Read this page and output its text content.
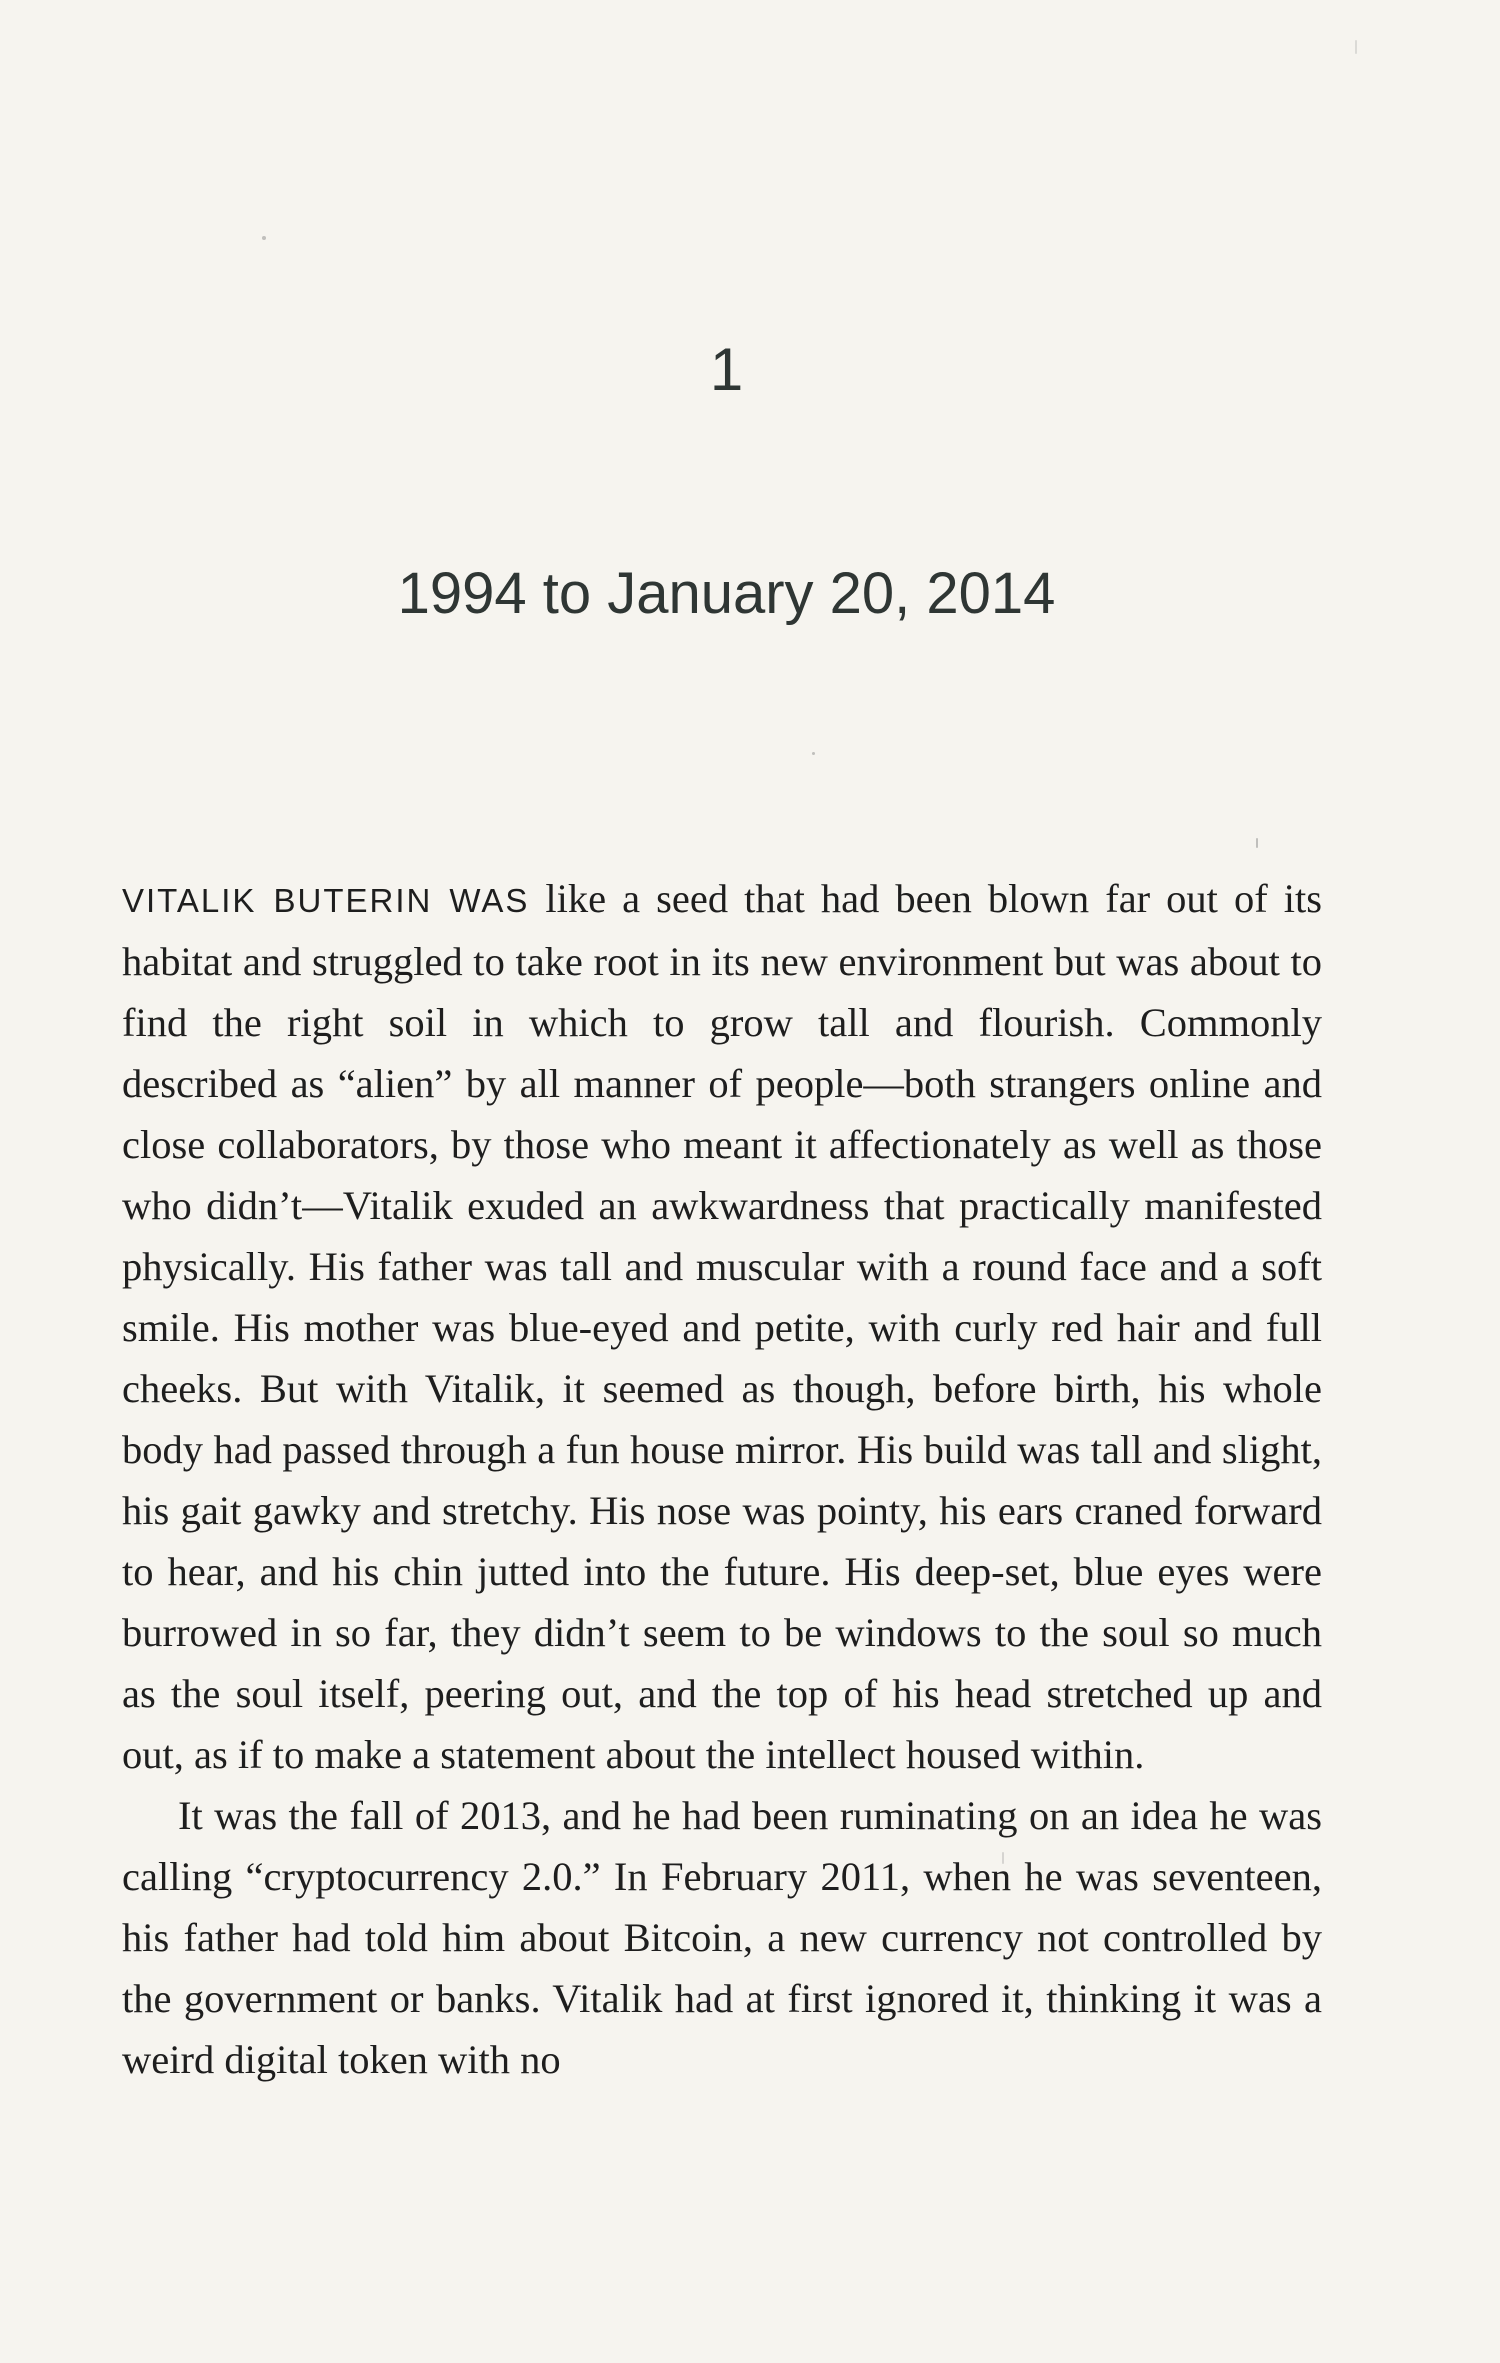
1
1994 to January 20, 2014

VITALIK BUTERIN WAS like a seed that had been blown far out of its habitat and struggled to take root in its new environment but was about to find the right soil in which to grow tall and flourish. Commonly described as “alien” by all manner of people—both strangers online and close collaborators, by those who meant it affectionately as well as those who didn’t—Vitalik exuded an awkwardness that practically manifested physically. His father was tall and muscular with a round face and a soft smile. His mother was blue-eyed and petite, with curly red hair and full cheeks. But with Vitalik, it seemed as though, before birth, his whole body had passed through a fun house mirror. His build was tall and slight, his gait gawky and stretchy. His nose was pointy, his ears craned forward to hear, and his chin jutted into the future. His deep-set, blue eyes were burrowed in so far, they didn’t seem to be windows to the soul so much as the soul itself, peering out, and the top of his head stretched up and out, as if to make a statement about the intellect housed within.

It was the fall of 2013, and he had been ruminating on an idea he was calling “cryptocurrency 2.0.” In February 2011, when he was seventeen, his father had told him about Bitcoin, a new currency not controlled by the government or banks. Vitalik had at first ignored it, thinking it was a weird digital token with no
